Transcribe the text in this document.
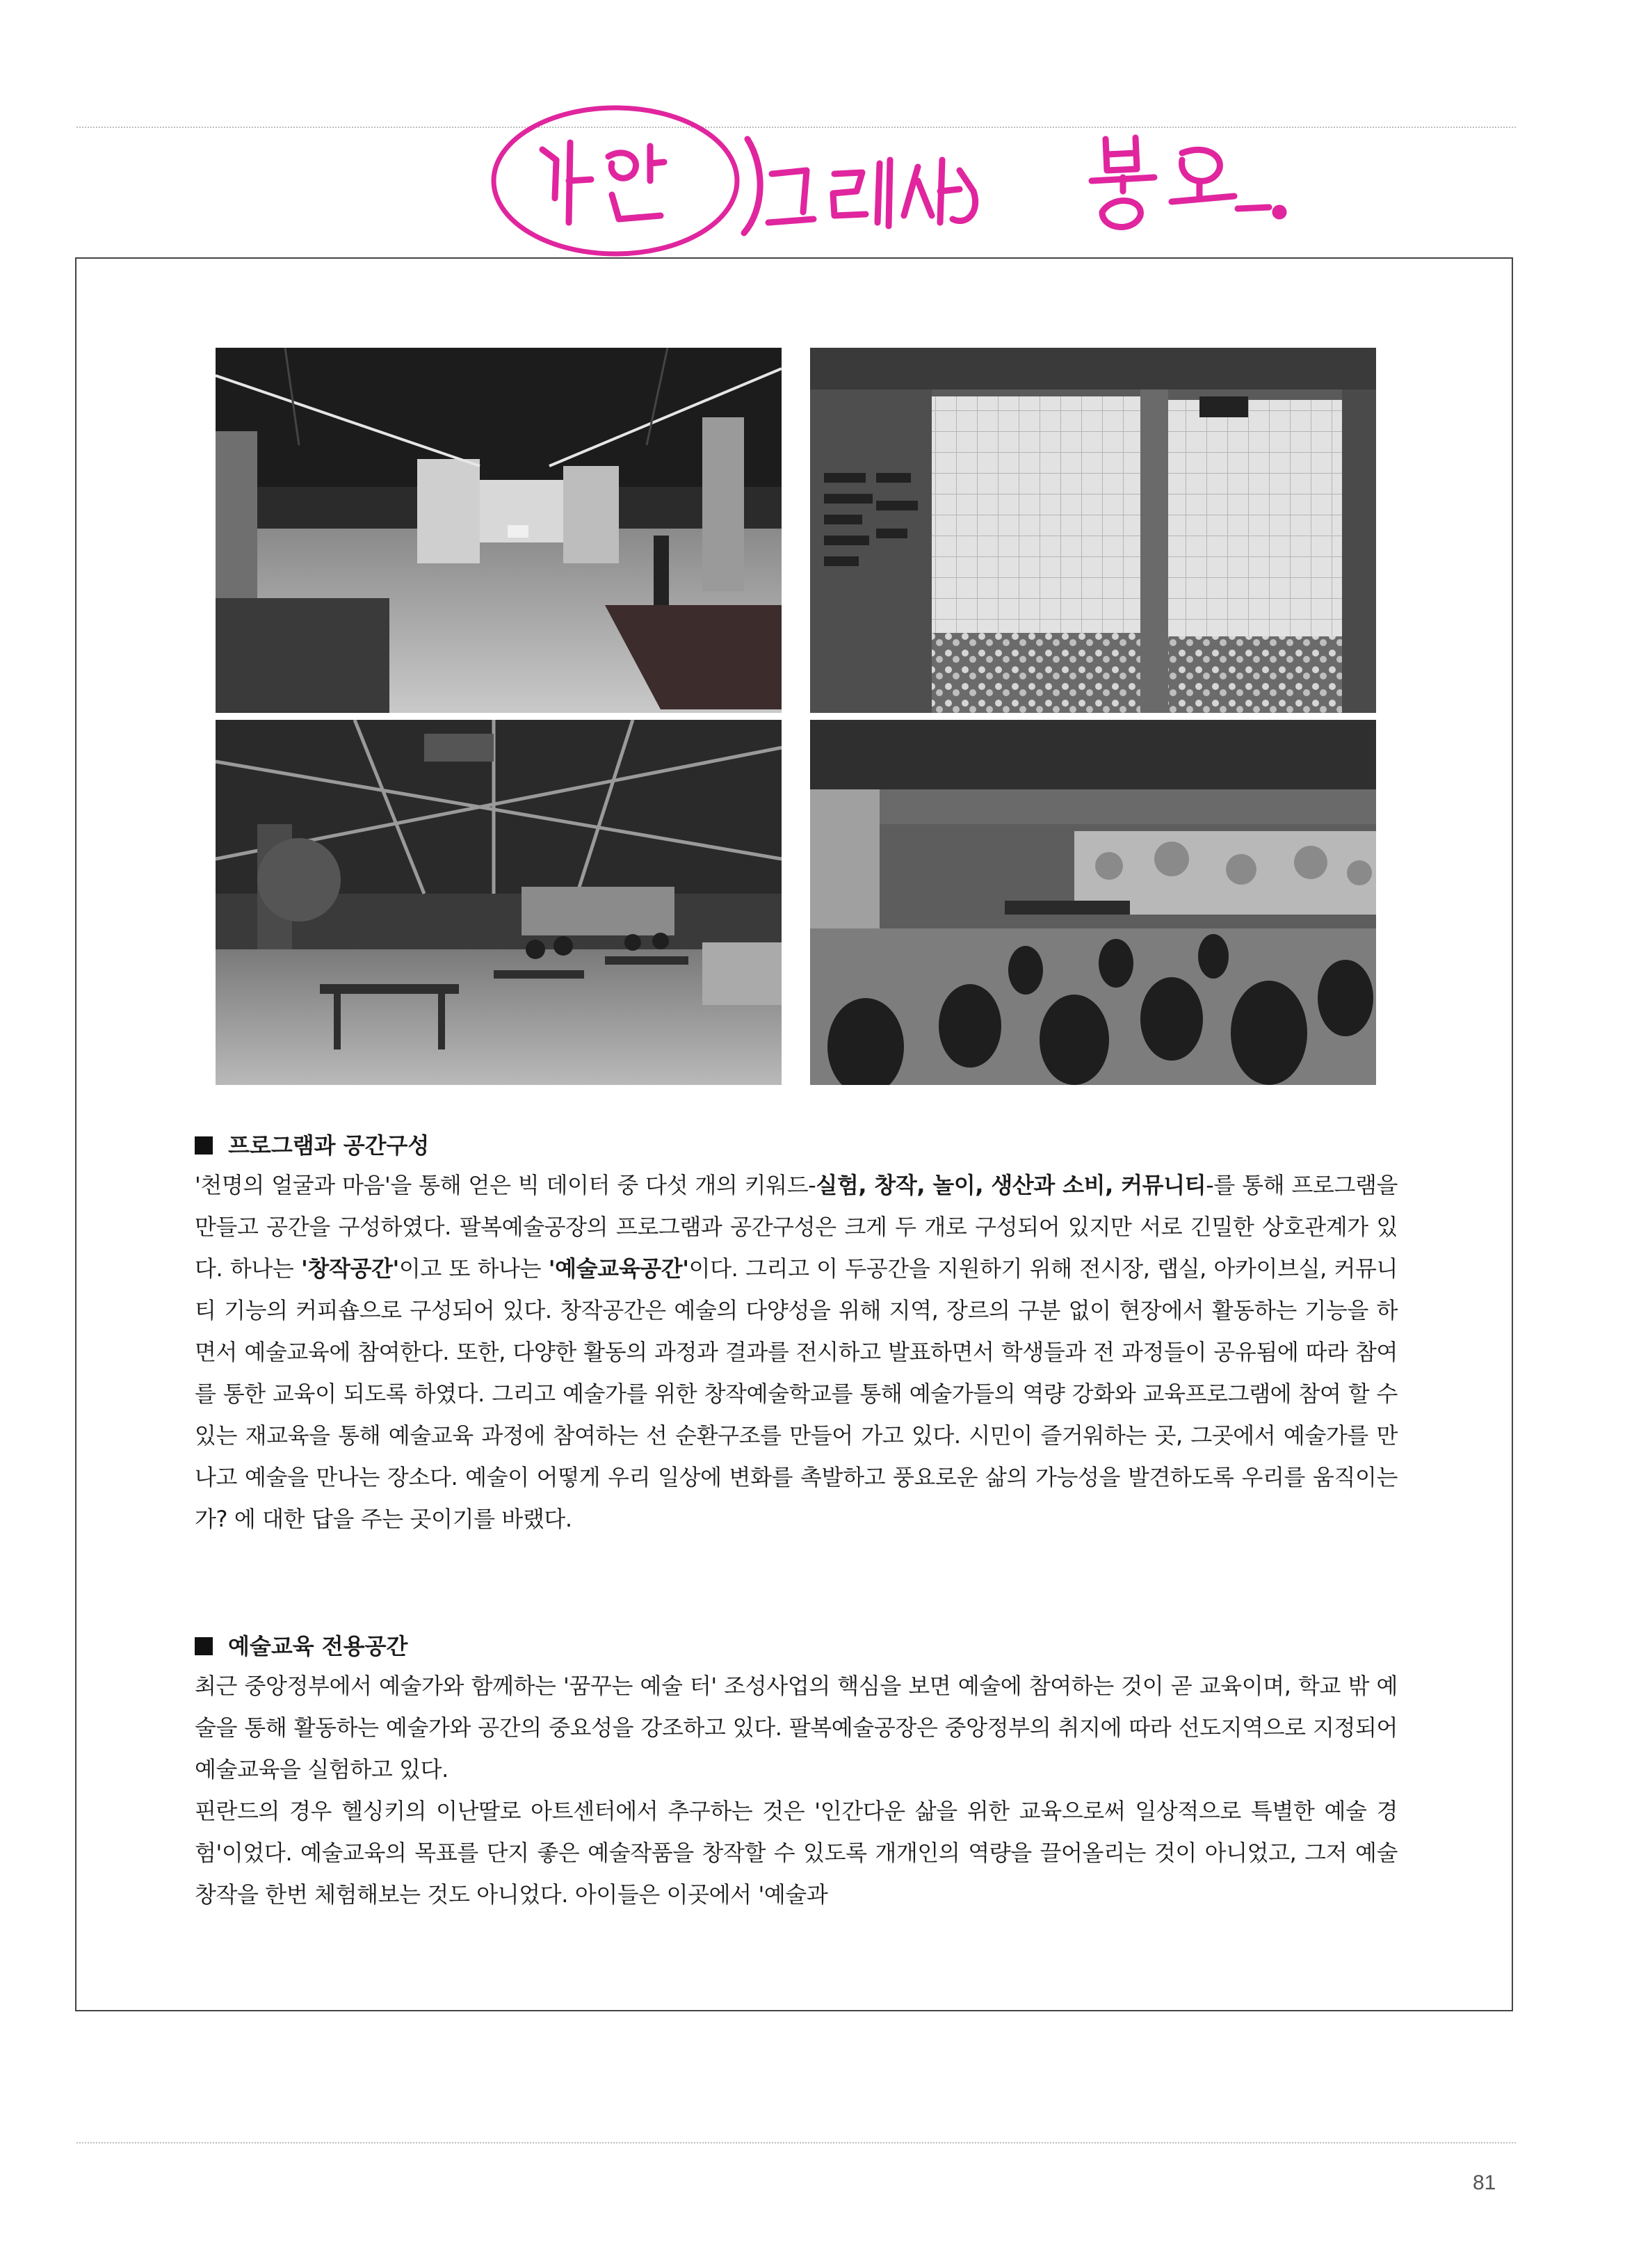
프로그램과 공간구성

'천명의 얼굴과 마음'을 통해 얻은 빅 데이터 중 다섯 개의 키워드-실험, 창작, 놀이, 생산과 소비, 커뮤니티-를 통해 프로그램을 만들고 공간을 구성하였다. 팔복예술공장의 프로그램과 공간구성은 크게 두 개로 구성되어 있지만 서로 긴밀한 상호관계가 있다. 하나는 '창작공간'이고 또 하나는 '예술교육공간'이다. 그리고 이 두공간을 지원하기 위해 전시장, 랩실, 아카이브실, 커뮤니티 기능의 커피숍으로 구성되어 있다. 창작공간은 예술의 다양성을 위해 지역, 장르의 구분 없이 현장에서 활동하는 기능을 하면서 예술교육에 참여한다. 또한, 다양한 활동의 과정과 결과를 전시하고 발표하면서 학생들과 전 과정들이 공유됨에 따라 참여를 통한 교육이 되도록 하였다. 그리고 예술가를 위한 창작예술학교를 통해 예술가들의 역량 강화와 교육프로그램에 참여 할 수 있는 재교육을 통해 예술교육 과정에 참여하는 선 순환구조를 만들어 가고 있다. 시민이 즐거워하는 곳, 그곳에서 예술가를 만나고 예술을 만나는 장소다. 예술이 어떻게 우리 일상에 변화를 촉발하고 풍요로운 삶의 가능성을 발견하도록 우리를 움직이는가? 에 대한 답을 주는 곳이기를 바랬다.

예술교육 전용공간

최근 중앙정부에서 예술가와 함께하는 '꿈꾸는 예술 터' 조성사업의 핵심을 보면 예술에 참여하는 것이 곧 교육이며, 학교 밖 예술을 통해 활동하는 예술가와 공간의 중요성을 강조하고 있다. 팔복예술공장은 중앙정부의 취지에 따라 선도지역으로 지정되어 예술교육을 실험하고 있다.

핀란드의 경우 헬싱키의 이난딸로 아트센터에서 추구하는 것은 '인간다운 삶을 위한 교육으로써 일상적으로 특별한 예술 경험'이었다. 예술교육의 목표를 단지 좋은 예술작품을 창작할 수 있도록 개개인의 역량을 끌어올리는 것이 아니었고, 그저 예술창작을 한번 체험해보는 것도 아니었다. 아이들은 이곳에서 '예술과

81
